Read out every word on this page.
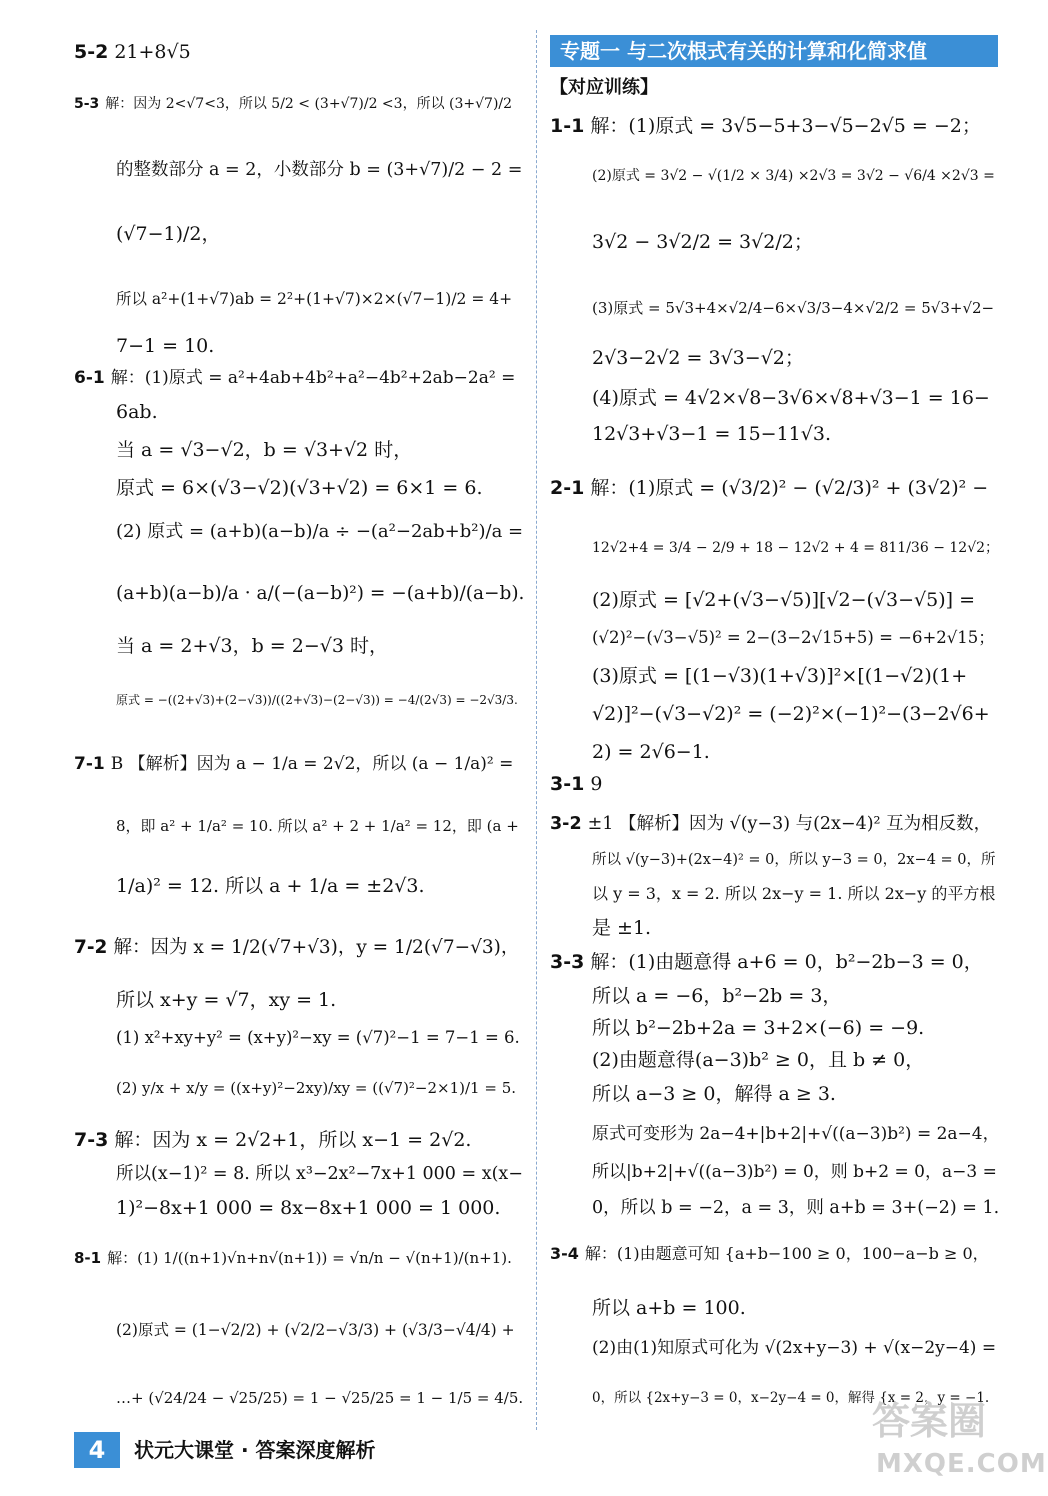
5-2 21+8√5
5-3 解：因为 2<√7<3，所以 5/2 < (3+√7)/2 <3，所以 (3+√7)/2
的整数部分 a = 2，小数部分 b = (3+√7)/2 − 2 =
(√7−1)/2，
所以 a²+(1+√7)ab = 2²+(1+√7)×2×(√7−1)/2 = 4+
7−1 = 10.
6-1 解：(1)原式 = a²+4ab+4b²+a²−4b²+2ab−2a² =
6ab.
当 a = √3−√2，b = √3+√2 时，
原式 = 6×(√3−√2)(√3+√2) = 6×1 = 6.
(2) 原式 = (a+b)(a−b)/a ÷ −(a²−2ab+b²)/a =
(a+b)(a−b)/a · a/(−(a−b)²) = −(a+b)/(a−b).
当 a = 2+√3，b = 2−√3 时，
原式 = −((2+√3)+(2−√3))/((2+√3)−(2−√3)) = −4/(2√3) = −2√3/3.
7-1 B 【解析】因为 a − 1/a = 2√2，所以 (a − 1/a)² =
8，即 a² + 1/a² = 10. 所以 a² + 2 + 1/a² = 12，即 (a +
1/a)² = 12. 所以 a + 1/a = ±2√3.
7-2 解：因为 x = 1/2(√7+√3)，y = 1/2(√7−√3)，
所以 x+y = √7，xy = 1.
(1) x²+xy+y² = (x+y)²−xy = (√7)²−1 = 7−1 = 6.
(2) y/x + x/y = ((x+y)²−2xy)/xy = ((√7)²−2×1)/1 = 5.
7-3 解：因为 x = 2√2+1，所以 x−1 = 2√2.
所以(x−1)² = 8. 所以 x³−2x²−7x+1 000 = x(x−
1)²−8x+1 000 = 8x−8x+1 000 = 1 000.
8-1 解：(1) 1/((n+1)√n+n√(n+1)) = √n/n − √(n+1)/(n+1).
(2)原式 = (1−√2/2) + (√2/2−√3/3) + (√3/3−√4/4) +
…+ (√24/24 − √25/25) = 1 − √25/25 = 1 − 1/5 = 4/5.
专题一 与二次根式有关的计算和化简求值
【对应训练】
1-1 解：(1)原式 = 3√5−5+3−√5−2√5 = −2；
(2)原式 = 3√2 − √(1/2 × 3/4) ×2√3 = 3√2 − √6/4 ×2√3 =
3√2 − 3√2/2 = 3√2/2；
(3)原式 = 5√3+4×√2/4−6×√3/3−4×√2/2 = 5√3+√2−
2√3−2√2 = 3√3−√2；
(4)原式 = 4√2×√8−3√6×√8+√3−1 = 16−
12√3+√3−1 = 15−11√3.
2-1 解：(1)原式 = (√3/2)² − (√2/3)² + (3√2)² −
12√2+4 = 3/4 − 2/9 + 18 − 12√2 + 4 = 811/36 − 12√2；
(2)原式 = [√2+(√3−√5)][√2−(√3−√5)] =
(√2)²−(√3−√5)² = 2−(3−2√15+5) = −6+2√15；
(3)原式 = [(1−√3)(1+√3)]²×[(1−√2)(1+
√2)]²−(√3−√2)² = (−2)²×(−1)²−(3−2√6+
2) = 2√6−1.
3-1 9
3-2 ±1 【解析】因为 √(y−3) 与(2x−4)² 互为相反数，
所以 √(y−3)+(2x−4)² = 0，所以 y−3 = 0，2x−4 = 0，所
以 y = 3，x = 2. 所以 2x−y = 1. 所以 2x−y 的平方根
是 ±1.
3-3 解：(1)由题意得 a+6 = 0，b²−2b−3 = 0，
所以 a = −6，b²−2b = 3，
所以 b²−2b+2a = 3+2×(−6) = −9.
(2)由题意得(a−3)b² ≥ 0，且 b ≠ 0，
所以 a−3 ≥ 0，解得 a ≥ 3.
原式可变形为 2a−4+|b+2|+√((a−3)b²) = 2a−4，
所以|b+2|+√((a−3)b²) = 0，则 b+2 = 0，a−3 =
0，所以 b = −2，a = 3，则 a+b = 3+(−2) = 1.
3-4 解：(1)由题意可知 {a+b−100 ≥ 0，100−a−b ≥ 0，
所以 a+b = 100.
(2)由(1)知原式可化为 √(2x+y−3) + √(x−2y−4) =
0，所以 {2x+y−3 = 0，x−2y−4 = 0，解得 {x = 2，y = −1.
4	状元大课堂 · 答案深度解析
答案圈
MXQE.COM
